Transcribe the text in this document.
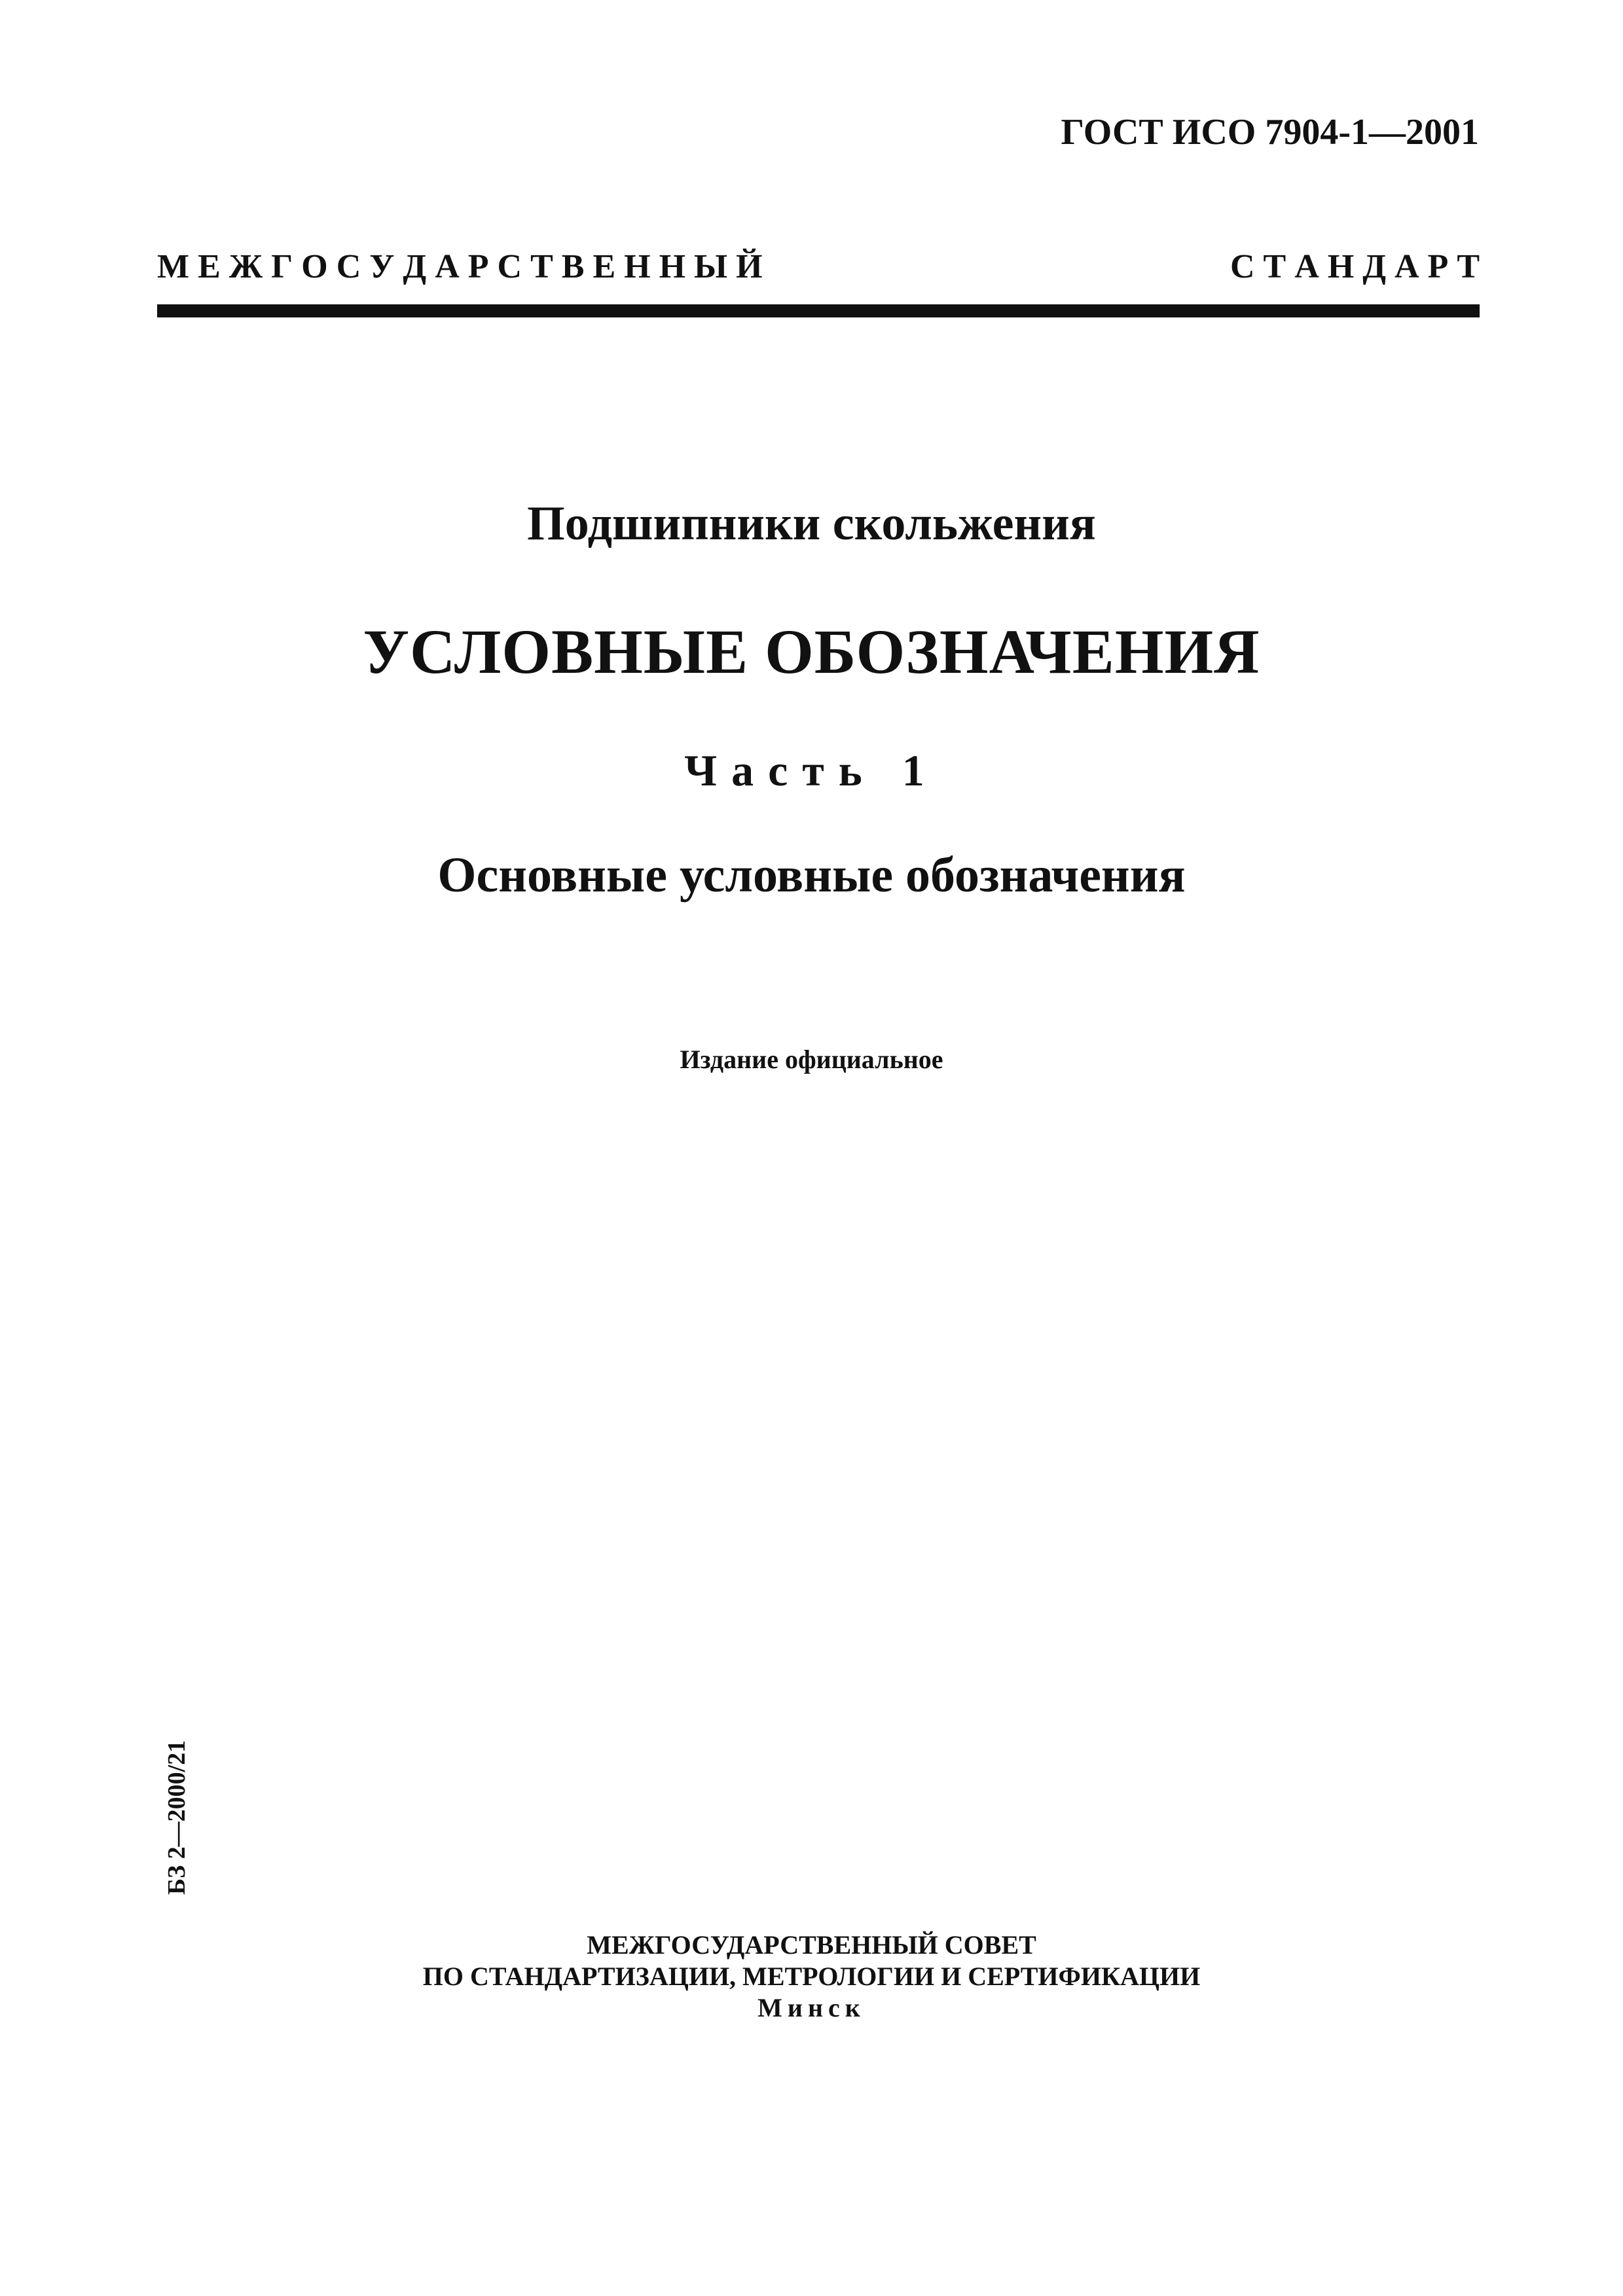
ГОСТ ИСО 7904-1—2001
М Е Ж Г О С У Д А Р С Т В Е Н Н Ы Й	С Т А Н Д А Р Т
Подшипники скольжения
УСЛОВНЫЕ ОБОЗНАЧЕНИЯ
Часть 1
Основные условные обозначения
Издание официальное
БЗ 2—2000/21
МЕЖГОСУДАРСТВЕННЫЙ СОВЕТ
ПО СТАНДАРТИЗАЦИИ, МЕТРОЛОГИИ И СЕРТИФИКАЦИИ
Минск
